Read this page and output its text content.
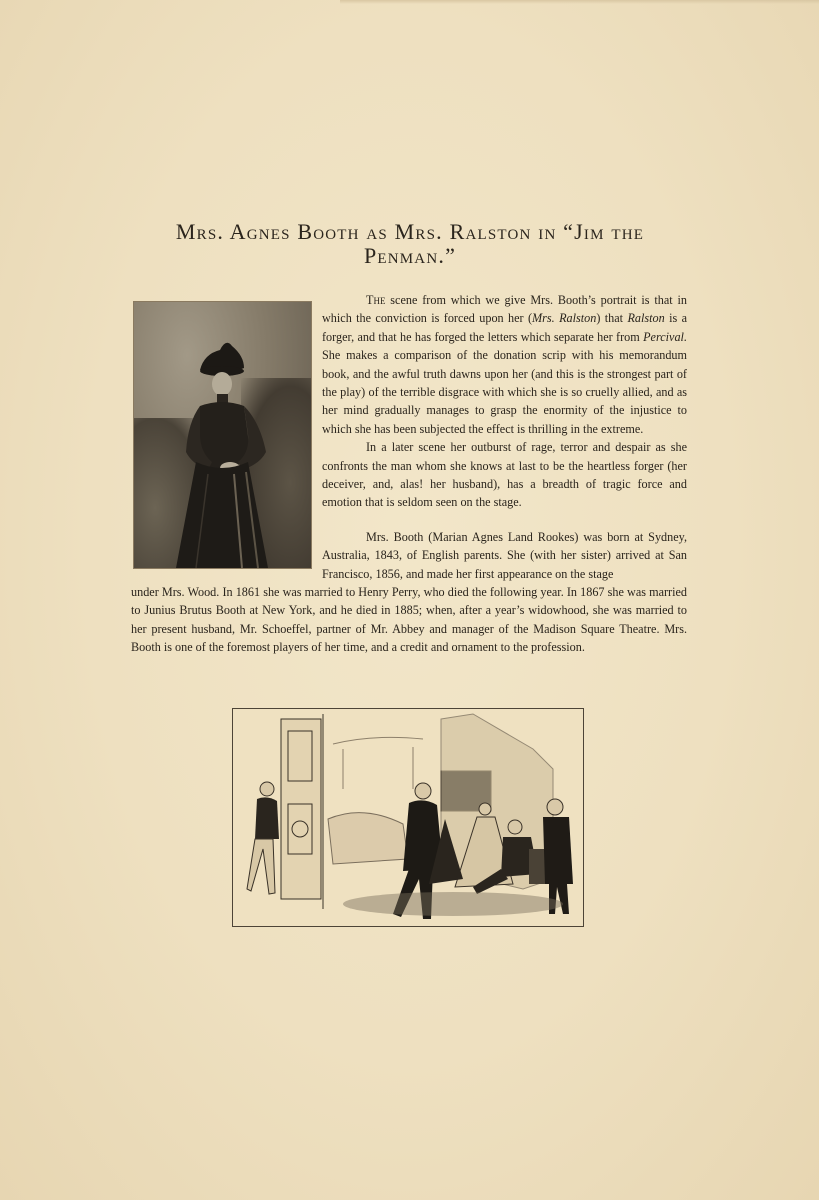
Mrs. Agnes Booth as Mrs. Ralston in “Jim the
Penman.”

The scene from which we give Mrs. Booth’s portrait is that in which the conviction is forced upon her (Mrs. Ralston) that Ralston is a forger, and that he has forged the letters which separate her from Percival. She makes a comparison of the donation scrip with his memorandum book, and the awful truth dawns upon her (and this is the strongest part of the play) of the terrible disgrace with which she is so cruelly allied, and as her mind gradually manages to grasp the enormity of the injustice to which she has been subjected the effect is thrilling in the extreme.

In a later scene her outburst of rage, terror and despair as she confronts the man whom she knows at last to be the heartless forger (her deceiver, and, alas! her husband), has a breadth of tragic force and emotion that is seldom seen on the stage.

Mrs. Booth (Marian Agnes Land Rookes) was born at Sydney, Australia, 1843, of English parents. She (with her sister) arrived at San Francisco, 1856, and made her first appearance on the stage

under Mrs. Wood. In 1861 she was married to Henry Perry, who died the following year. In 1867 she was married to Junius Brutus Booth at New York, and he died in 1885; when, after a year’s widowhood, she was married to her present husband, Mr. Schoeffel, partner of Mr. Abbey and manager of the Madison Square Theatre. Mrs. Booth is one of the foremost players of her time, and a credit and ornament to the profession.
